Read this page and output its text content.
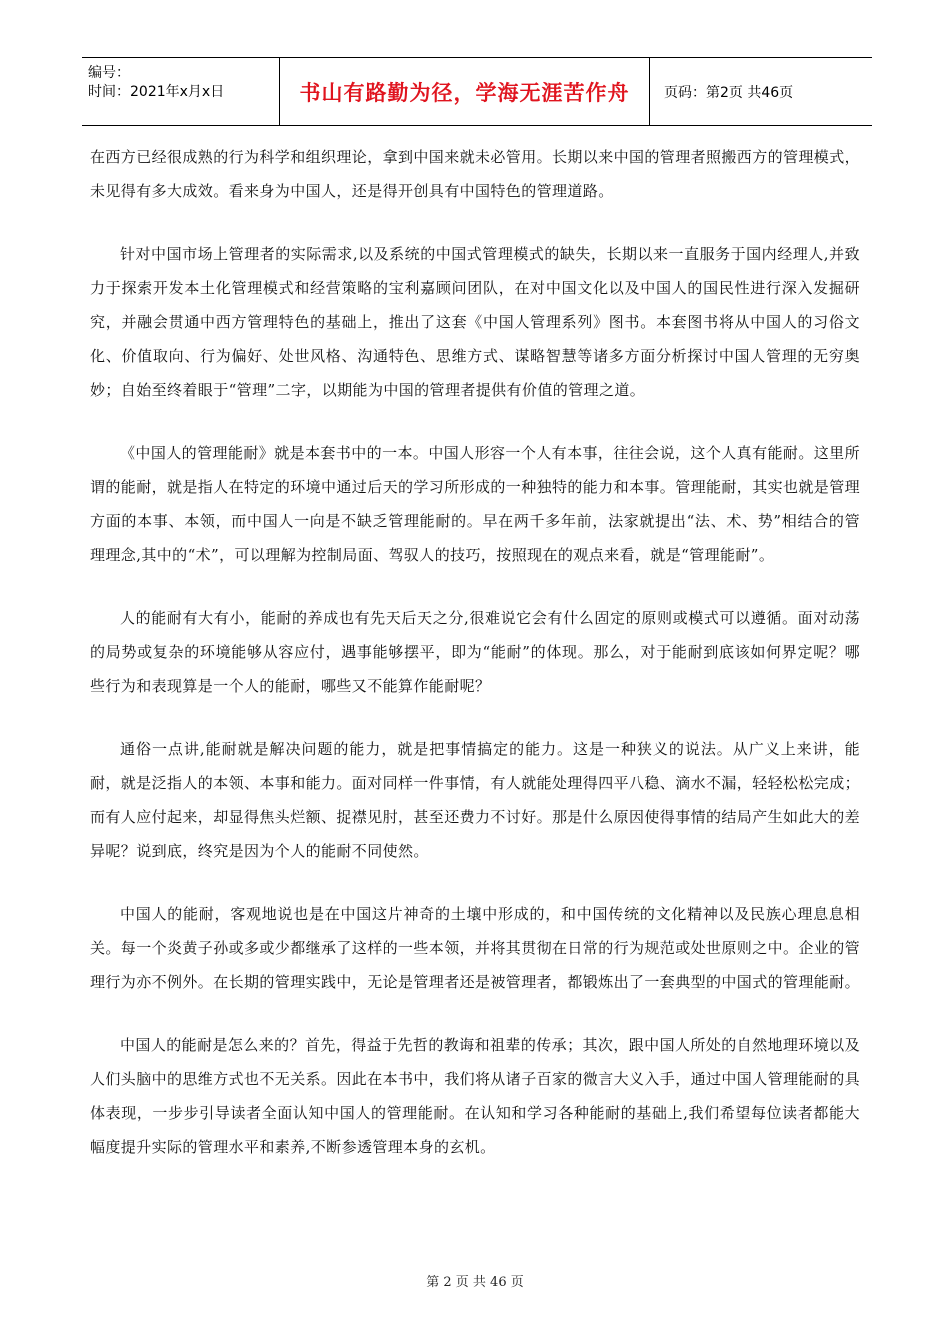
编号：
时间：2021年x月x日	书山有路勤为径，学海无涯苦作舟	页码：第2页 共46页

在西方已经很成熟的行为科学和组织理论，拿到中国来就未必管用。长期以来中国的管理者照搬西方的管理模式，未见得有多大成效。看来身为中国人，还是得开创具有中国特色的管理道路。

针对中国市场上管理者的实际需求,以及系统的中国式管理模式的缺失，长期以来一直服务于国内经理人,并致力于探索开发本土化管理模式和经营策略的宝利嘉顾问团队，在对中国文化以及中国人的国民性进行深入发掘研究，并融会贯通中西方管理特色的基础上，推出了这套《中国人管理系列》图书。本套图书将从中国人的习俗文化、价值取向、行为偏好、处世风格、沟通特色、思维方式、谋略智慧等诸多方面分析探讨中国人管理的无穷奥妙；自始至终着眼于“管理”二字，以期能为中国的管理者提供有价值的管理之道。

《中国人的管理能耐》就是本套书中的一本。中国人形容一个人有本事，往往会说，这个人真有能耐。这里所谓的能耐，就是指人在特定的环境中通过后天的学习所形成的一种独特的能力和本事。管理能耐，其实也就是管理方面的本事、本领，而中国人一向是不缺乏管理能耐的。早在两千多年前，法家就提出“法、术、势”相结合的管理理念,其中的“术”，可以理解为控制局面、驾驭人的技巧，按照现在的观点来看，就是“管理能耐”。

人的能耐有大有小，能耐的养成也有先天后天之分,很难说它会有什么固定的原则或模式可以遵循。面对动荡的局势或复杂的环境能够从容应付，遇事能够摆平，即为“能耐”的体现。那么，对于能耐到底该如何界定呢？哪些行为和表现算是一个人的能耐，哪些又不能算作能耐呢？

通俗一点讲,能耐就是解决问题的能力，就是把事情搞定的能力。这是一种狭义的说法。从广义上来讲，能耐，就是泛指人的本领、本事和能力。面对同样一件事情，有人就能处理得四平八稳、滴水不漏，轻轻松松完成；而有人应付起来，却显得焦头烂额、捉襟见肘，甚至还费力不讨好。那是什么原因使得事情的结局产生如此大的差异呢？说到底，终究是因为个人的能耐不同使然。

中国人的能耐，客观地说也是在中国这片神奇的土壤中形成的，和中国传统的文化精神以及民族心理息息相关。每一个炎黄子孙或多或少都继承了这样的一些本领，并将其贯彻在日常的行为规范或处世原则之中。企业的管理行为亦不例外。在长期的管理实践中，无论是管理者还是被管理者，都锻炼出了一套典型的中国式的管理能耐。

中国人的能耐是怎么来的？首先，得益于先哲的教诲和祖辈的传承；其次，跟中国人所处的自然地理环境以及人们头脑中的思维方式也不无关系。因此在本书中，我们将从诸子百家的微言大义入手，通过中国人管理能耐的具体表现，一步步引导读者全面认知中国人的管理能耐。在认知和学习各种能耐的基础上,我们希望每位读者都能大幅度提升实际的管理水平和素养,不断参透管理本身的玄机。

第 2 页 共 46 页
